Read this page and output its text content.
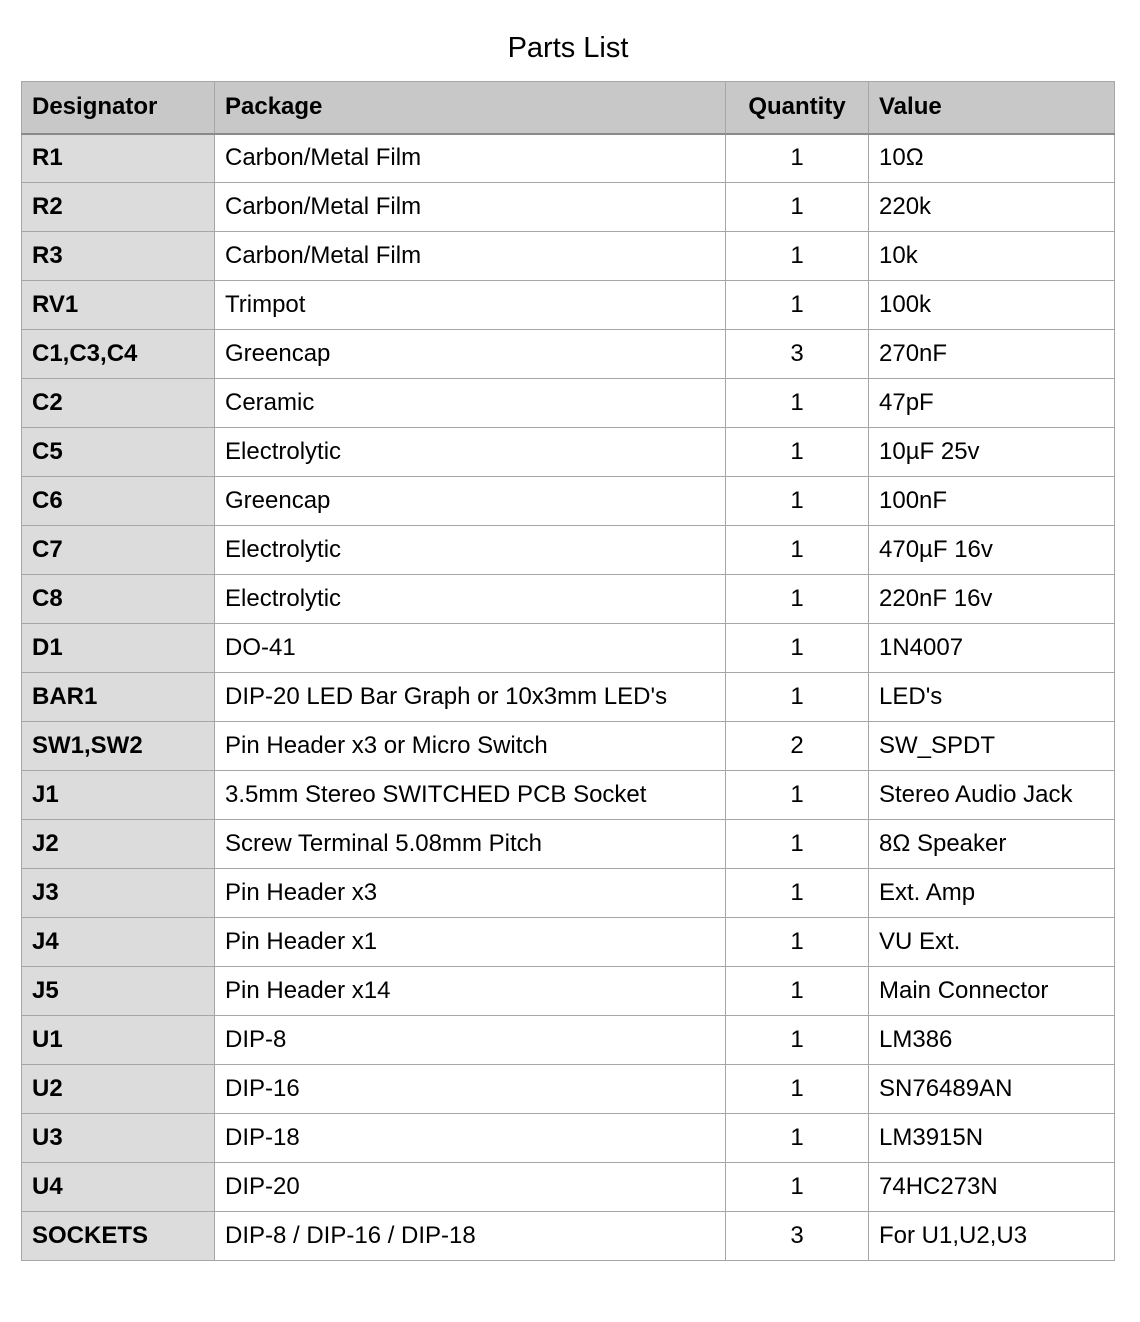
Parts List
Designator	Package	Quantity	Value
R1	Carbon/Metal Film	1	10Ω
R2	Carbon/Metal Film	1	220k
R3	Carbon/Metal Film	1	10k
RV1	Trimpot	1	100k
C1,C3,C4	Greencap	3	270nF
C2	Ceramic	1	47pF
C5	Electrolytic	1	10µF 25v
C6	Greencap	1	100nF
C7	Electrolytic	1	470µF 16v
C8	Electrolytic	1	220nF 16v
D1	DO-41	1	1N4007
BAR1	DIP-20 LED Bar Graph or 10x3mm LED's	1	LED's
SW1,SW2	Pin Header x3 or Micro Switch	2	SW_SPDT
J1	3.5mm Stereo SWITCHED PCB Socket	1	Stereo Audio Jack
J2	Screw Terminal 5.08mm Pitch	1	8Ω Speaker
J3	Pin Header x3	1	Ext. Amp
J4	Pin Header x1	1	VU Ext.
J5	Pin Header x14	1	Main Connector
U1	DIP-8	1	LM386
U2	DIP-16	1	SN76489AN
U3	DIP-18	1	LM3915N
U4	DIP-20	1	74HC273N
SOCKETS	DIP-8 / DIP-16 / DIP-18	3	For U1,U2,U3
